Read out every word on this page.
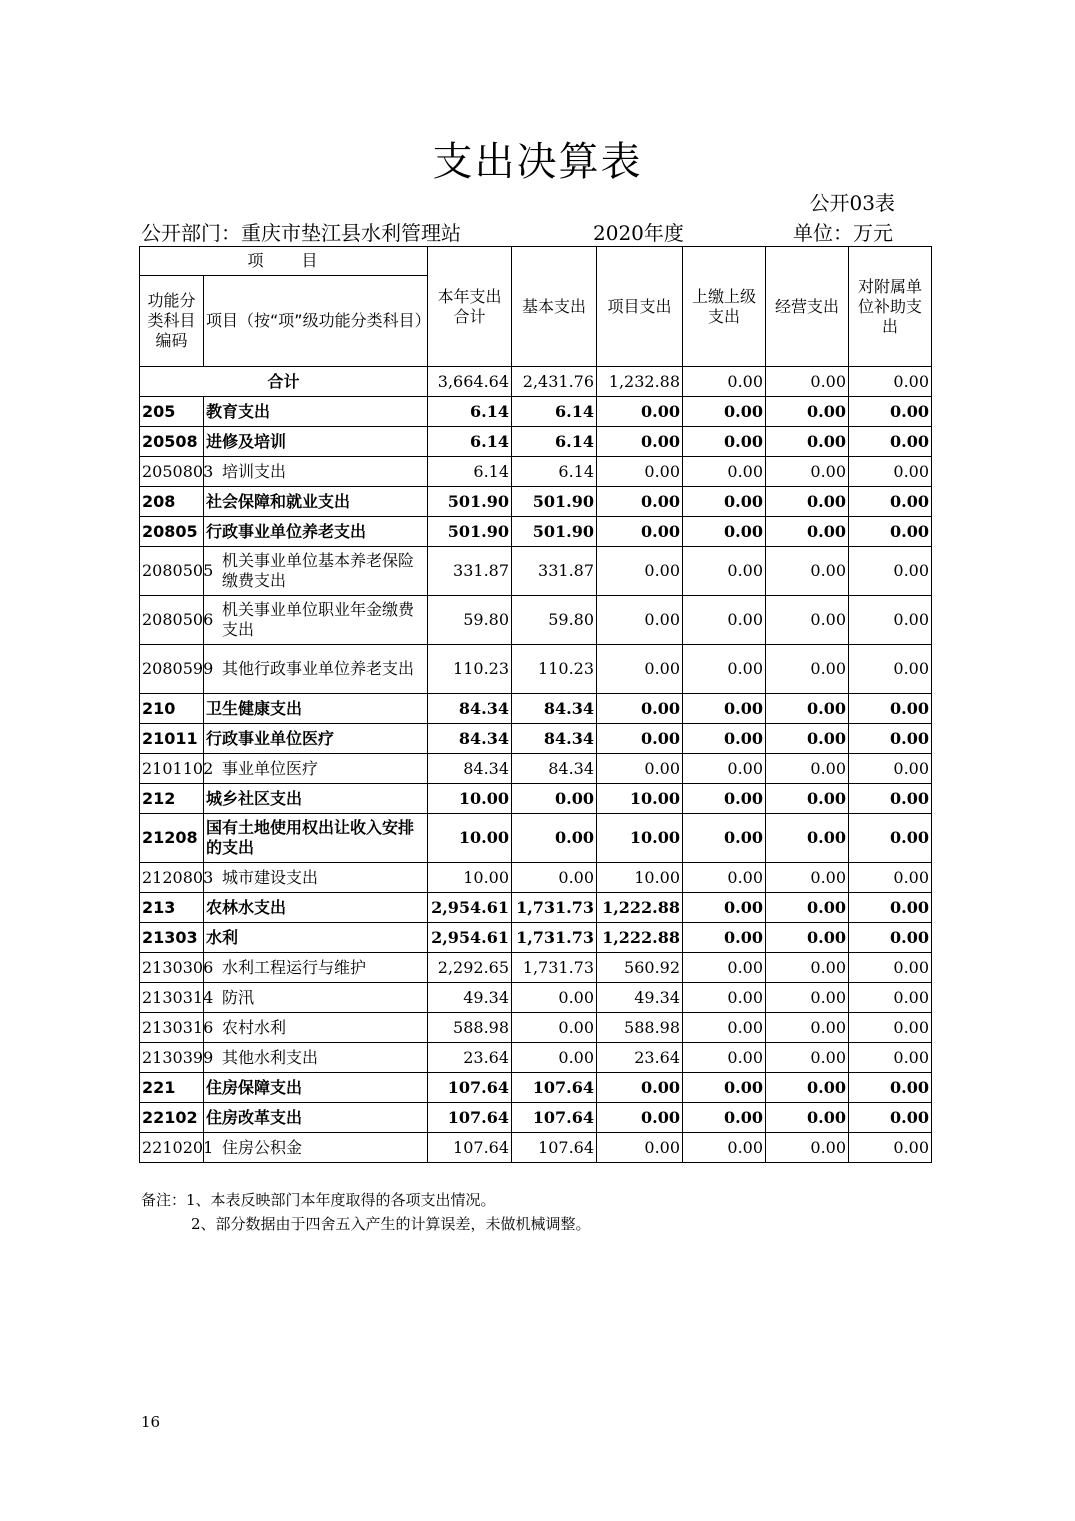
支出决算表
公开03表
公开部门：重庆市垫江县水利管理站	2020年度	单位：万元
项　　目		本年支出合计	基本支出	项目支出	上缴上级支出	经营支出	对附属单位补助支出
功能分类科目编码	项目（按“项”级功能分类科目）						
合计		3,664.64	2,431.76	1,232.88	0.00	0.00	0.00
205	教育支出	6.14	6.14	0.00	0.00	0.00	0.00
20508	进修及培训	6.14	6.14	0.00	0.00	0.00	0.00
2050803	培训支出	6.14	6.14	0.00	0.00	0.00	0.00
208	社会保障和就业支出	501.90	501.90	0.00	0.00	0.00	0.00
20805	行政事业单位养老支出	501.90	501.90	0.00	0.00	0.00	0.00
2080505	机关事业单位基本养老保险缴费支出	331.87	331.87	0.00	0.00	0.00	0.00
2080506	机关事业单位职业年金缴费支出	59.80	59.80	0.00	0.00	0.00	0.00
2080599	其他行政事业单位养老支出	110.23	110.23	0.00	0.00	0.00	0.00
210	卫生健康支出	84.34	84.34	0.00	0.00	0.00	0.00
21011	行政事业单位医疗	84.34	84.34	0.00	0.00	0.00	0.00
2101102	事业单位医疗	84.34	84.34	0.00	0.00	0.00	0.00
212	城乡社区支出	10.00	0.00	10.00	0.00	0.00	0.00
21208	国有土地使用权出让收入安排的支出	10.00	0.00	10.00	0.00	0.00	0.00
2120803	城市建设支出	10.00	0.00	10.00	0.00	0.00	0.00
213	农林水支出	2,954.61	1,731.73	1,222.88	0.00	0.00	0.00
21303	水利	2,954.61	1,731.73	1,222.88	0.00	0.00	0.00
2130306	水利工程运行与维护	2,292.65	1,731.73	560.92	0.00	0.00	0.00
2130314	防汛	49.34	0.00	49.34	0.00	0.00	0.00
2130316	农村水利	588.98	0.00	588.98	0.00	0.00	0.00
2130399	其他水利支出	23.64	0.00	23.64	0.00	0.00	0.00
221	住房保障支出	107.64	107.64	0.00	0.00	0.00	0.00
22102	住房改革支出	107.64	107.64	0.00	0.00	0.00	0.00
2210201	住房公积金	107.64	107.64	0.00	0.00	0.00	0.00
备注：1、本表反映部门本年度取得的各项支出情况。
2、部分数据由于四舍五入产生的计算误差，未做机械调整。
16
